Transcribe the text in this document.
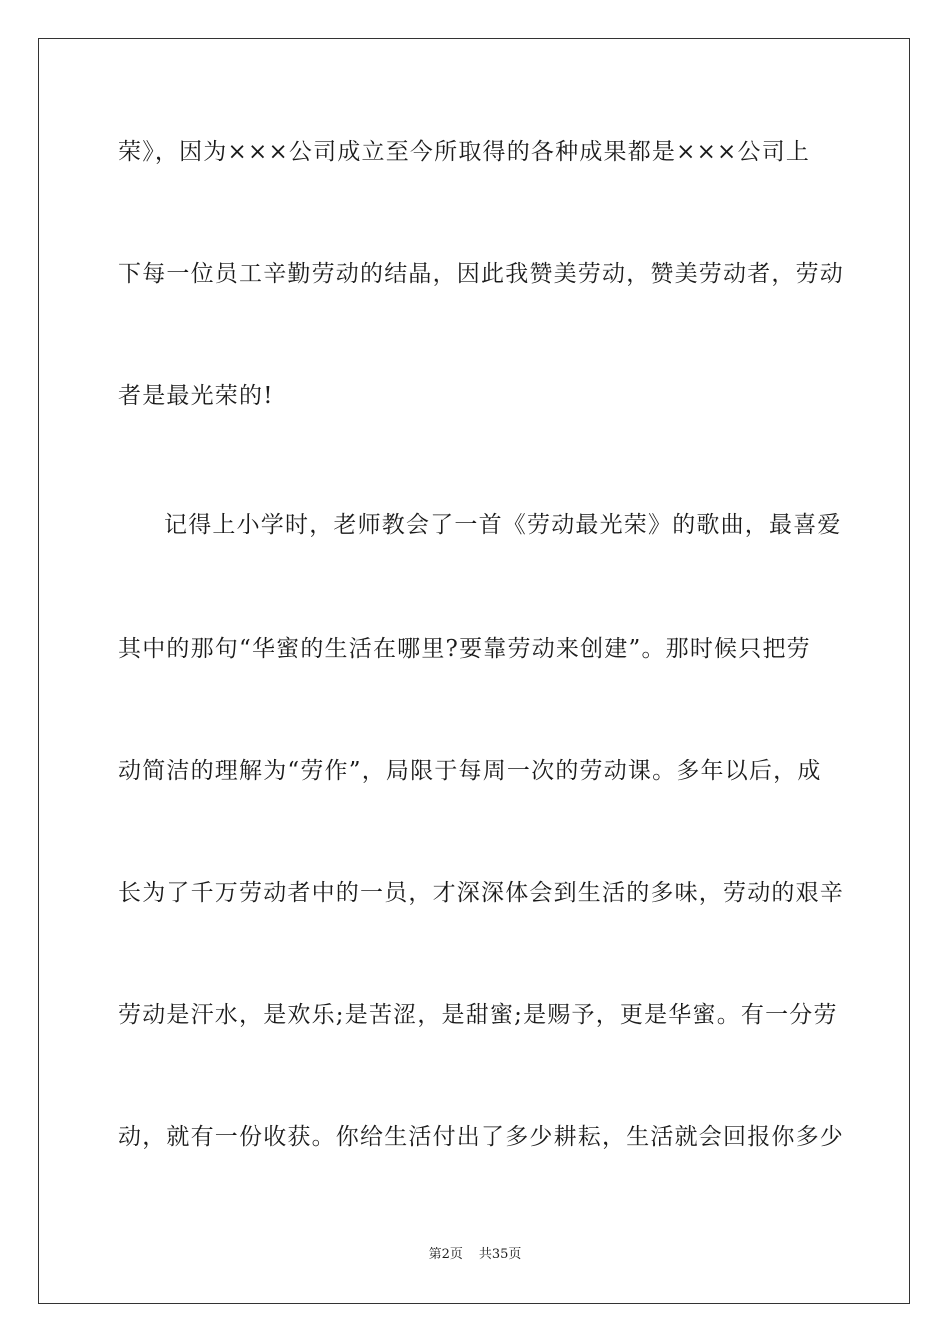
荣》，因为×××公司成立至今所取得的各种成果都是×××公司上
下每一位员工辛勤劳动的结晶，因此我赞美劳动，赞美劳动者，劳动
者是最光荣的!
记得上小学时，老师教会了一首《劳动最光荣》的歌曲，最喜爱
其中的那句“华蜜的生活在哪里?要靠劳动来创建”。那时候只把劳
动简洁的理解为“劳作”，局限于每周一次的劳动课。多年以后，成
长为了千万劳动者中的一员，才深深体会到生活的多味，劳动的艰辛
劳动是汗水，是欢乐;是苦涩，是甜蜜;是赐予，更是华蜜。有一分劳
动，就有一份收获。你给生活付出了多少耕耘，生活就会回报你多少
第2页 共35页
